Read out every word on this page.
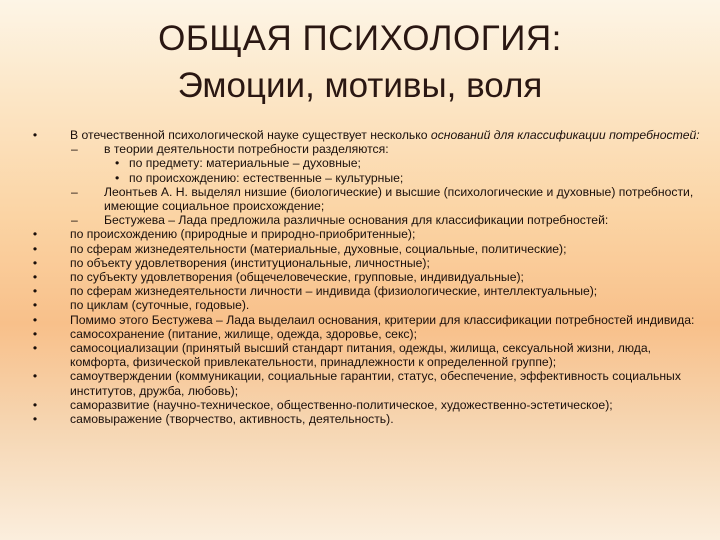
ОБЩАЯ ПСИХОЛОГИЯ:
Эмоции, мотивы, воля
•	В отечественной психологической науке существует несколько оснований для классификации потребностей:
– в теории деятельности потребности разделяются:
• по предмету: материальные – духовные;
• по происхождению: естественные – культурные;
– Леонтьев А. Н. выделял низшие (биологические) и высшие (психологические и духовные) потребности, имеющие социальное происхождение;
– Бестужева – Лада предложила различные основания для классификации потребностей:
•	по происхождению (природные и природно-приобритенные);
•	по сферам жизнедеятельности (материальные, духовные, социальные, политические);
•	по объекту удовлетворения (институциональные, личностные);
•	по субъекту удовлетворения (общечеловеческие, групповые, индивидуальные);
•	по сферам жизнедеятельности личности – индивида (физиологические, интеллектуальные);
•	по циклам (суточные, годовые).
•	Помимо этого Бестужева – Лада выделаил основания, критерии для классификации потребностей индивида:
•	самосохранение (питание, жилище, одежда, здоровье, секс);
•	самосоциализации (принятый высший стандарт питания, одежды, жилища, сексуальной жизни, люда, комфорта, физической привлекательности, принадлежности к определенной группе);
•	самоутверждении (коммуникации, социальные гарантии, статус, обеспечение, эффективность социальных институтов, дружба, любовь);
•	саморазвитие (научно-техническое, общественно-политическое, художественно-эстетическое);
•	самовыражение (творчество, активность, деятельность).
